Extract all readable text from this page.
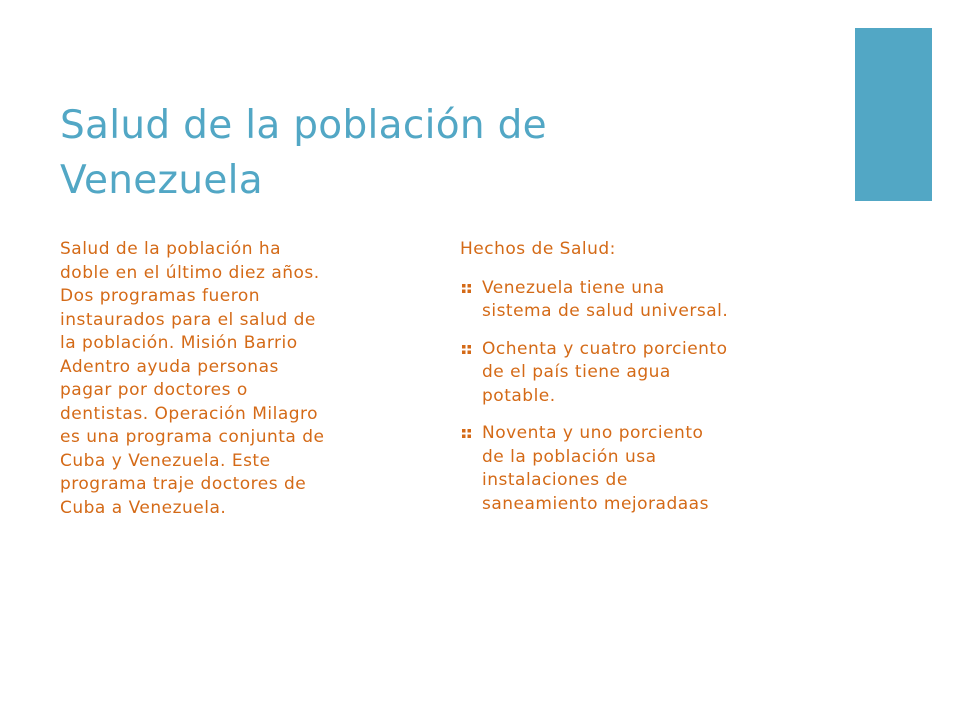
Salud de la población de
Venezuela

Salud de la población ha
doble en el último diez años.
Dos programas fueron
instaurados para el salud de
la población. Misión Barrio
Adentro ayuda personas
pagar por doctores o
dentistas. Operación Milagro
es una programa conjunta de
Cuba y Venezuela. Este
programa traje doctores de
Cuba a Venezuela.

Hechos de Salud:

Venezuela tiene una
sistema de salud universal.
Ochenta y cuatro porciento
de el país tiene agua
potable.
Noventa y uno porciento
de la población usa
instalaciones de
saneamiento mejoradaas
